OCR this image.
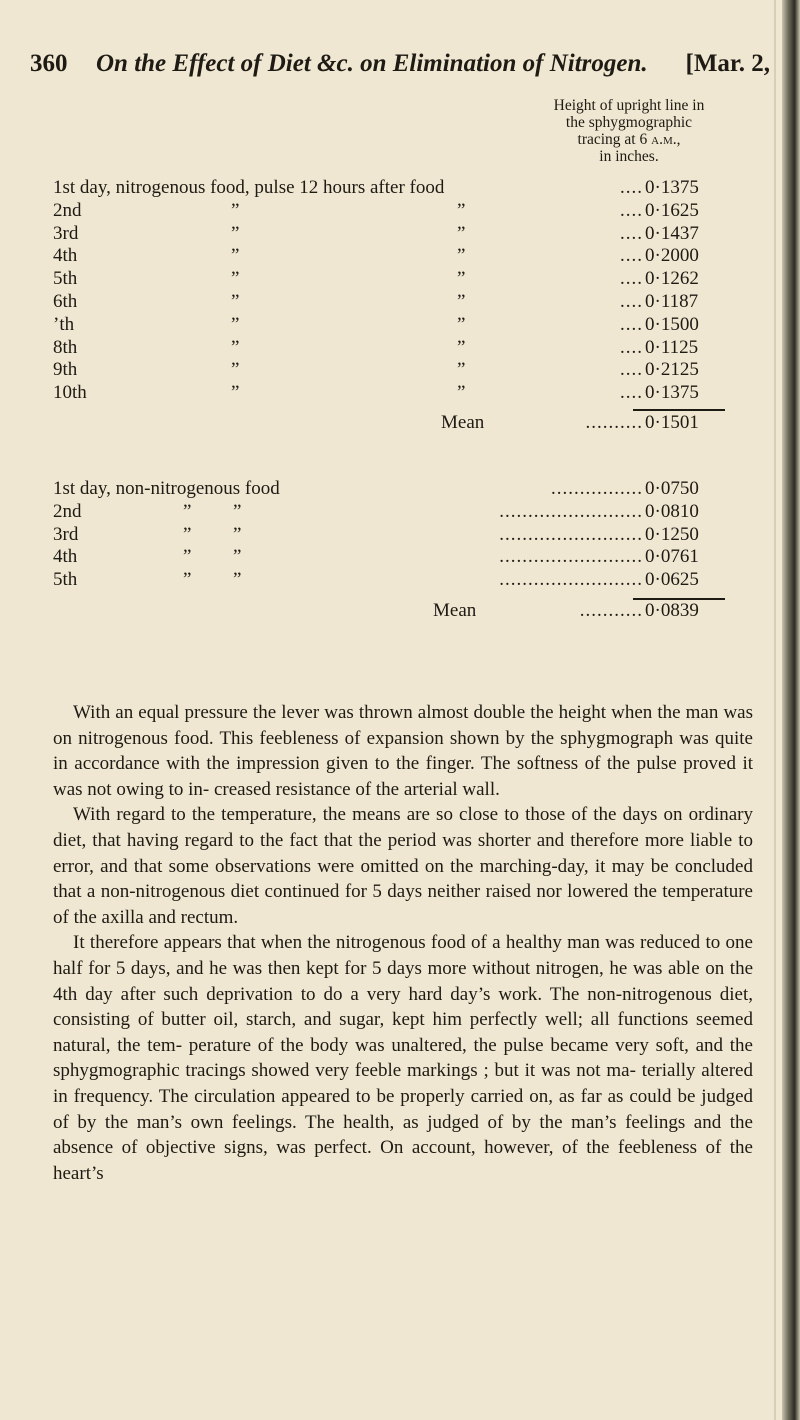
360 On the Effect of Diet &c. on Elimination of Nitrogen. [Mar. 2,
Height of upright line in
the sphygmographic
tracing at 6 a.m.,
in inches.
1st day, nitrogenous food, pulse 12 hours after food	.... 0·1375
2nd	”	”	.... 0·1625
3rd	”	”	.... 0·1437
4th	”	”	.... 0·2000
5th	”	”	.... 0·1262
6th	”	”	.... 0·1187
ʼth	”	”	.... 0·1500
8th	”	”	.... 0·1125
9th	”	”	.... 0·2125
10th	”	”	.... 0·1375
Mean	.......... 0·1501
1st day, non-nitrogenous food	................ 0·0750
2nd	” ”	......................... 0·0810
3rd	” ”	......................... 0·1250
4th	” ”	......................... 0·0761
5th	” ”	......................... 0·0625
Mean	........... 0·0839

With an equal pressure the lever was thrown almost double the height when the man was on nitrogenous food. This feebleness of expansion shown by the sphygmograph was quite in accordance with the impression given to the finger. The softness of the pulse proved it was not owing to in- creased resistance of the arterial wall.

With regard to the temperature, the means are so close to those of the days on ordinary diet, that having regard to the fact that the period was shorter and therefore more liable to error, and that some observations were omitted on the marching-day, it may be concluded that a non-nitrogenous diet continued for 5 days neither raised nor lowered the temperature of the axilla and rectum.

It therefore appears that when the nitrogenous food of a healthy man was reduced to one half for 5 days, and he was then kept for 5 days more without nitrogen, he was able on the 4th day after such deprivation to do a very hard day’s work. The non-nitrogenous diet, consisting of butter oil, starch, and sugar, kept him perfectly well; all functions seemed natural, the tem- perature of the body was unaltered, the pulse became very soft, and the sphygmographic tracings showed very feeble markings ; but it was not ma- terially altered in frequency. The circulation appeared to be properly carried on, as far as could be judged of by the man’s own feelings. The health, as judged of by the man’s feelings and the absence of objective signs, was perfect. On account, however, of the feebleness of the heart’s
